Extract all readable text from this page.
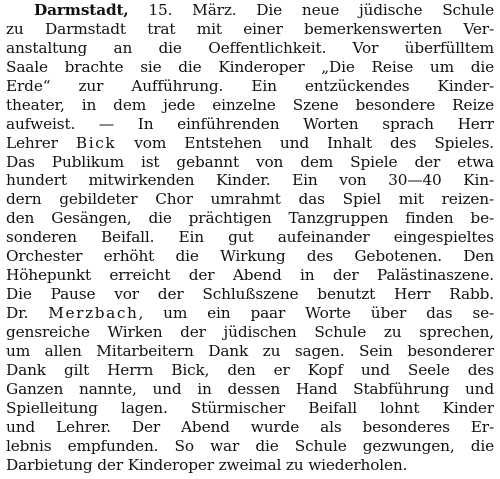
Darmstadt, 15. März. Die neue jüdische Schule
zu Darmstadt trat mit einer bemerkenswerten Ver-
anstaltung an die Oeffentlichkeit. Vor überfülltem
Saale brachte sie die Kinderoper „Die Reise um die
Erde“ zur Aufführung. Ein entzückendes Kinder-
theater, in dem jede einzelne Szene besondere Reize
aufweist. — In einführenden Worten sprach Herr
Lehrer Bick vom Entstehen und Inhalt des Spieles.
Das Publikum ist gebannt von dem Spiele der etwa
hundert mitwirkenden Kinder. Ein von 30—40 Kin-
dern gebildeter Chor umrahmt das Spiel mit reizen-
den Gesängen, die prächtigen Tanzgruppen finden be-
sonderen Beifall. Ein gut aufeinander eingespieltes
Orchester erhöht die Wirkung des Gebotenen. Den
Höhepunkt erreicht der Abend in der Palästinaszene.
Die Pause vor der Schlußszene benutzt Herr Rabb.
Dr. Merzbach, um ein paar Worte über das se-
gensreiche Wirken der jüdischen Schule zu sprechen,
um allen Mitarbeitern Dank zu sagen. Sein besonderer
Dank gilt Herrn Bick, den er Kopf und Seele des
Ganzen nannte, und in dessen Hand Stabführung und
Spielleitung lagen. Stürmischer Beifall lohnt Kinder
und Lehrer. Der Abend wurde als besonderes Er-
lebnis empfunden. So war die Schule gezwungen, die
Darbietung der Kinderoper zweimal zu wiederholen.
